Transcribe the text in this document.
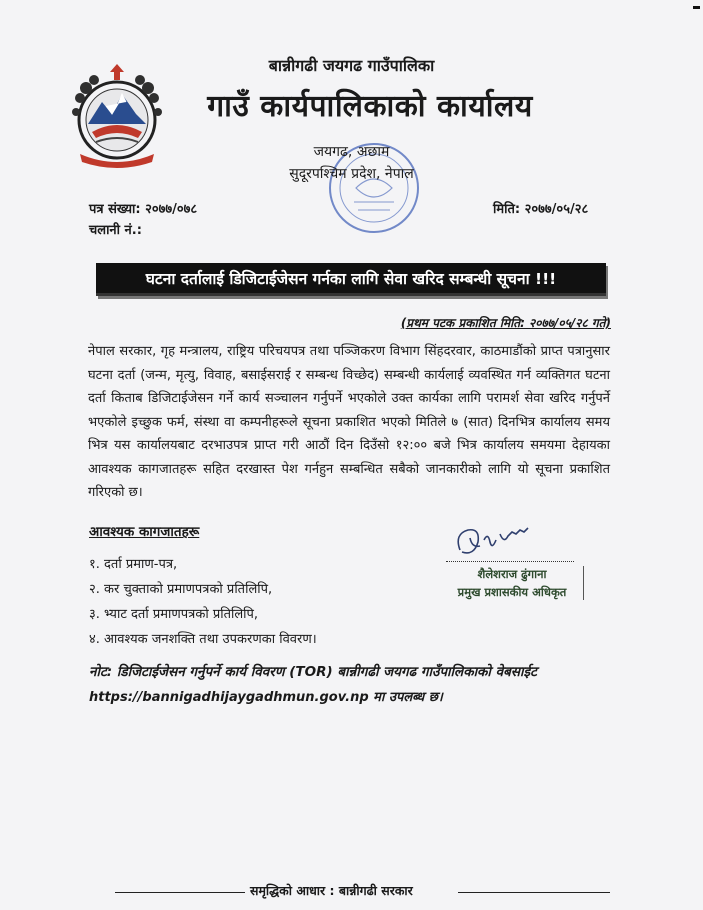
बान्नीगढी जयगढ गाउँपालिका
गाउँ कार्यपालिकाको कार्यालय
जयगढ, अछाम
सुदूरपश्चिम प्रदेश, नेपाल
पत्र संख्या: २०७७/०७८
चलानी नं.:
मिति: २०७७/०५/२८
घटना दर्तालाई डिजिटाईजेसन गर्नका लागि सेवा खरिद सम्बन्धी सूचना !!!
(प्रथम पटक प्रकाशित मिति: २०७७/०५/२८ गते)
नेपाल सरकार, गृह मन्त्रालय, राष्ट्रिय परिचयपत्र तथा पञ्जिकरण विभाग सिंहदरवार, काठमाडौंको प्राप्त पत्रानुसार घटना दर्ता (जन्म, मृत्यु, विवाह, बसाईसराई र सम्बन्ध विच्छेद) सम्बन्धी कार्यलाई व्यवस्थित गर्न व्यक्तिगत घटना दर्ता किताब डिजिटाईजेसन गर्ने कार्य सञ्चालन गर्नुपर्ने भएकोले उक्त कार्यका लागि परामर्श सेवा खरिद गर्नुपर्ने भएकोले इच्छुक फर्म, संस्था वा कम्पनीहरूले सूचना प्रकाशित भएको मितिले ७ (सात) दिनभित्र कार्यालय समय भित्र यस कार्यालयबाट दरभाउपत्र प्राप्त गरी आठौं दिन दिउँसो १२:०० बजे भित्र कार्यालय समयमा देहायका आवश्यक कागजातहरू सहित दरखास्त पेश गर्नहुन सम्बन्धित सबैको जानकारीको लागि यो सूचना प्रकाशित गरिएको छ।
आवश्यक कागजातहरू
१. दर्ता प्रमाण-पत्र,
२. कर चुक्ताको प्रमाणपत्रको प्रतिलिपि,
३. भ्याट दर्ता प्रमाणपत्रको प्रतिलिपि,
४. आवश्यक जनशक्ति तथा उपकरणका विवरण।
शैलेशराज ढुंगाना
प्रमुख प्रशासकीय अधिकृत
नोट: डिजिटाईजेसन गर्नुपर्ने कार्य विवरण (TOR) बान्नीगढी जयगढ गाउँपालिकाको वेबसाईट
https://bannigadhijaygadhmun.gov.np मा उपलब्ध छ।
समृद्धिको आधार : बान्नीगढी सरकार
